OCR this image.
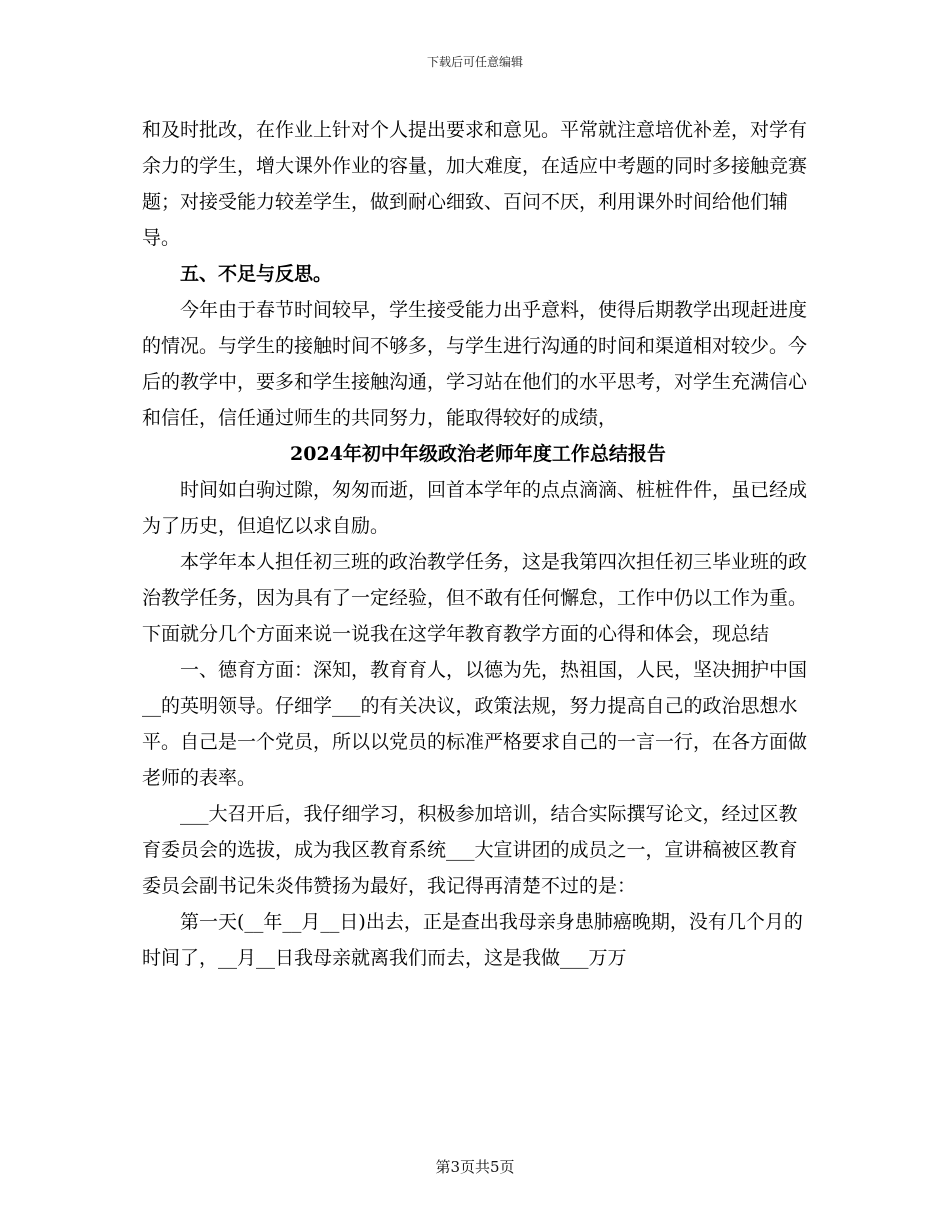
下载后可任意编辑

和及时批改，在作业上针对个人提出要求和意见。平常就注意培优补差，对学有余力的学生，增大课外作业的容量，加大难度，在适应中考题的同时多接触竞赛题；对接受能力较差学生，做到耐心细致、百问不厌，利用课外时间给他们辅导。

五、不足与反思。

今年由于春节时间较早，学生接受能力出乎意料，使得后期教学出现赶进度的情况。与学生的接触时间不够多，与学生进行沟通的时间和渠道相对较少。今后的教学中，要多和学生接触沟通，学习站在他们的水平思考，对学生充满信心和信任，信任通过师生的共同努力，能取得较好的成绩，

2024年初中年级政治老师年度工作总结报告

时间如白驹过隙，匆匆而逝，回首本学年的点点滴滴、桩桩件件，虽已经成为了历史，但追忆以求自励。

本学年本人担任初三班的政治教学任务，这是我第四次担任初三毕业班的政治教学任务，因为具有了一定经验，但不敢有任何懈怠，工作中仍以工作为重。下面就分几个方面来说一说我在这学年教育教学方面的心得和体会，现总结

一、德育方面：深知，教育育人，以德为先，热祖国，人民，坚决拥护中国__的英明领导。仔细学___的有关决议，政策法规，努力提高自己的政治思想水平。自己是一个党员，所以以党员的标准严格要求自己的一言一行，在各方面做老师的表率。

___大召开后，我仔细学习，积极参加培训，结合实际撰写论文，经过区教育委员会的选拔，成为我区教育系统___大宣讲团的成员之一，宣讲稿被区教育委员会副书记朱炎伟赞扬为最好，我记得再清楚不过的是：

第一天(__年__月__日)出去，正是查出我母亲身患肺癌晚期，没有几个月的时间了，__月__日我母亲就离我们而去，这是我做___万万

第3页共5页
